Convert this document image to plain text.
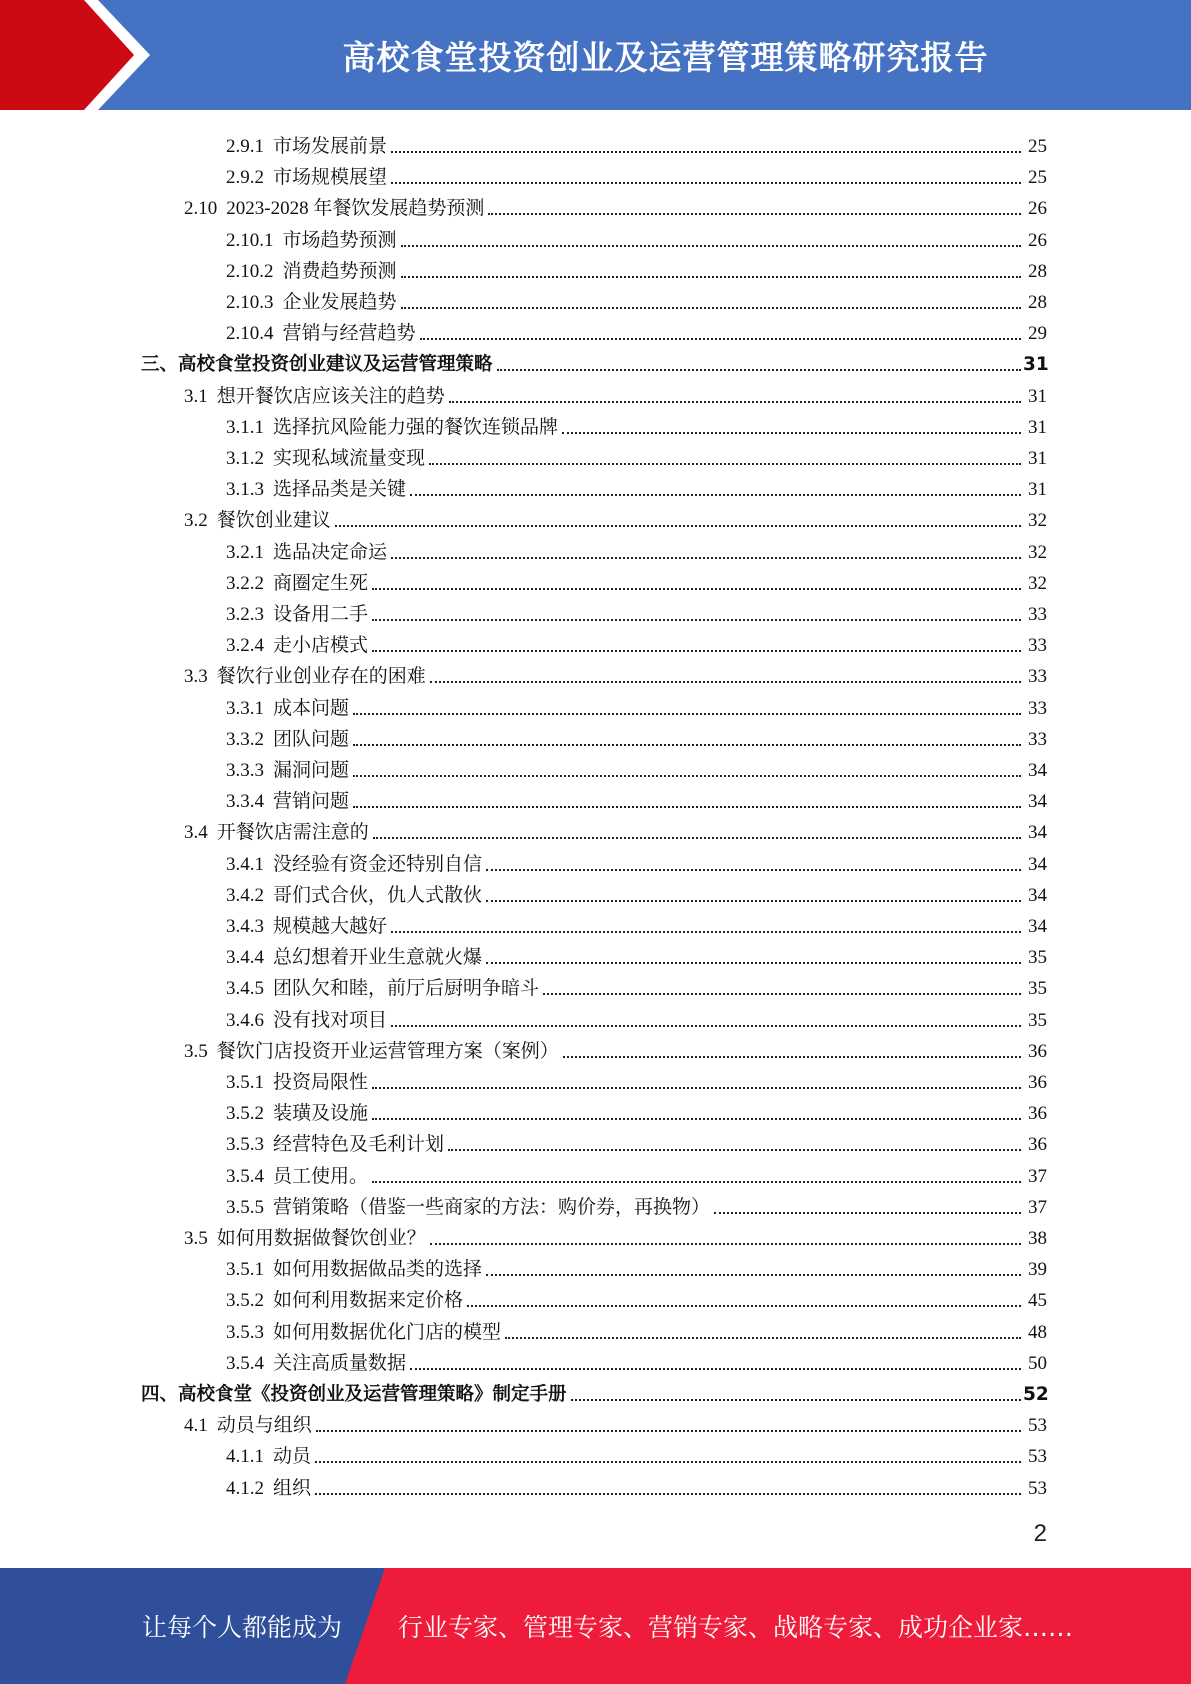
高校食堂投资创业及运营管理策略研究报告
2.9.1 市场发展前景	25
2.9.2 市场规模展望	25
2.10 2023-2028 年餐饮发展趋势预测	26
2.10.1 市场趋势预测	26
2.10.2 消费趋势预测	28
2.10.3 企业发展趋势	28
2.10.4 营销与经营趋势	29
三、高校食堂投资创业建议及运营管理策略	31
3.1 想开餐饮店应该关注的趋势	31
3.1.1 选择抗风险能力强的餐饮连锁品牌	31
3.1.2 实现私域流量变现	31
3.1.3 选择品类是关键	31
3.2 餐饮创业建议	32
3.2.1 选品决定命运	32
3.2.2 商圈定生死	32
3.2.3 设备用二手	33
3.2.4 走小店模式	33
3.3 餐饮行业创业存在的困难	33
3.3.1 成本问题	33
3.3.2 团队问题	33
3.3.3 漏洞问题	34
3.3.4 营销问题	34
3.4 开餐饮店需注意的	34
3.4.1 没经验有资金还特别自信	34
3.4.2 哥们式合伙，仇人式散伙	34
3.4.3 规模越大越好	34
3.4.4 总幻想着开业生意就火爆	35
3.4.5 团队欠和睦，前厅后厨明争暗斗	35
3.4.6 没有找对项目	35
3.5 餐饮门店投资开业运营管理方案（案例）	36
3.5.1 投资局限性	36
3.5.2 装璜及设施	36
3.5.3 经营特色及毛利计划	36
3.5.4 员工使用。	37
3.5.5 营销策略（借鉴一些商家的方法：购价券，再换物）	37
3.5 如何用数据做餐饮创业？	38
3.5.1 如何用数据做品类的选择	39
3.5.2 如何利用数据来定价格	45
3.5.3 如何用数据优化门店的模型	48
3.5.4 关注高质量数据	50
四、高校食堂《投资创业及运营管理策略》制定手册	52
4.1 动员与组织	53
4.1.1 动员	53
4.1.2 组织	53
2
让每个人都能成为 行业专家、管理专家、营销专家、战略专家、成功企业家……
